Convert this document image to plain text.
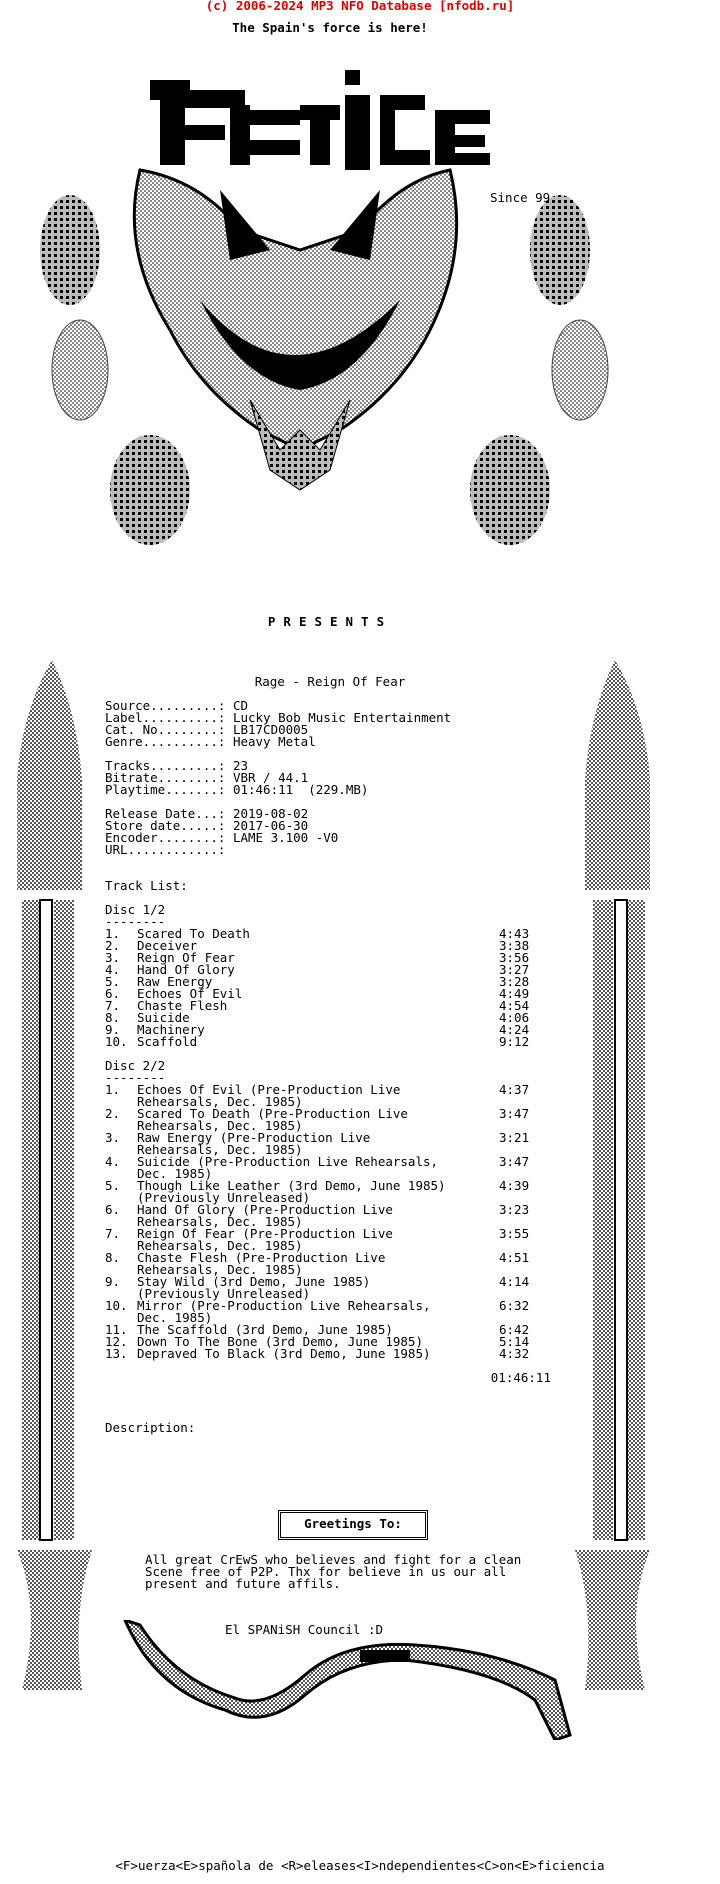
(c) 2006-2024 MP3 NFO Database [nfodb.ru]
The Spain's force is here!
Since 99
PRESENTS
Rage - Reign Of Fear
Source.........: CD
Label..........: Lucky Bob Music Entertainment
Cat. No........: LB17CD0005
Genre..........: Heavy Metal
Tracks.........: 23
Bitrate........: VBR / 44.1
Playtime.......: 01:46:11  (229.MB)
Release Date...: 2019-08-02
Store date.....: 2017-06-30
Encoder........: LAME 3.100 -V0
URL............:
Track List:
Disc 1/2
--------
1.	Scared To Death	4:43
2.	Deceiver	3:38
3.	Reign Of Fear	3:56
4.	Hand Of Glory	3:27
5.	Raw Energy	3:28
6.	Echoes Of Evil	4:49
7.	Chaste Flesh	4:54
8.	Suicide	4:06
9.	Machinery	4:24
10. Scaffold	9:12
Disc 2/2
--------
1.	Echoes Of Evil (Pre-Production Live	4:37
Rehearsals, Dec. 1985)
2.	Scared To Death (Pre-Production Live	3:47
Rehearsals, Dec. 1985)
3.	Raw Energy (Pre-Production Live	3:21
Rehearsals, Dec. 1985)
4.	Suicide (Pre-Production Live Rehearsals,	3:47
Dec. 1985)
5.	Though Like Leather (3rd Demo, June 1985)	4:39
(Previously Unreleased)
6.	Hand Of Glory (Pre-Production Live	3:23
Rehearsals, Dec. 1985)
7.	Reign Of Fear (Pre-Production Live	3:55
Rehearsals, Dec. 1985)
8.	Chaste Flesh (Pre-Production Live	4:51
Rehearsals, Dec. 1985)
9.	Stay Wild (3rd Demo, June 1985)	4:14
(Previously Unreleased)
10. Mirror (Pre-Production Live Rehearsals,	6:32
Dec. 1985)
11. The Scaffold (3rd Demo, June 1985)	6:42
12. Down To The Bone (3rd Demo, June 1985)	5:14
13. Depraved To Black (3rd Demo, June 1985)	4:32
01:46:11
Description:
Greetings To:
All great CrEwS who believes and fight for a clean
Scene free of P2P. Thx for believe in us our all
present and future affils.
El SPANiSH Council :D
<F>uerza<E>spañola de <R>eleases<I>ndependientes<C>on<E>ficiencia
